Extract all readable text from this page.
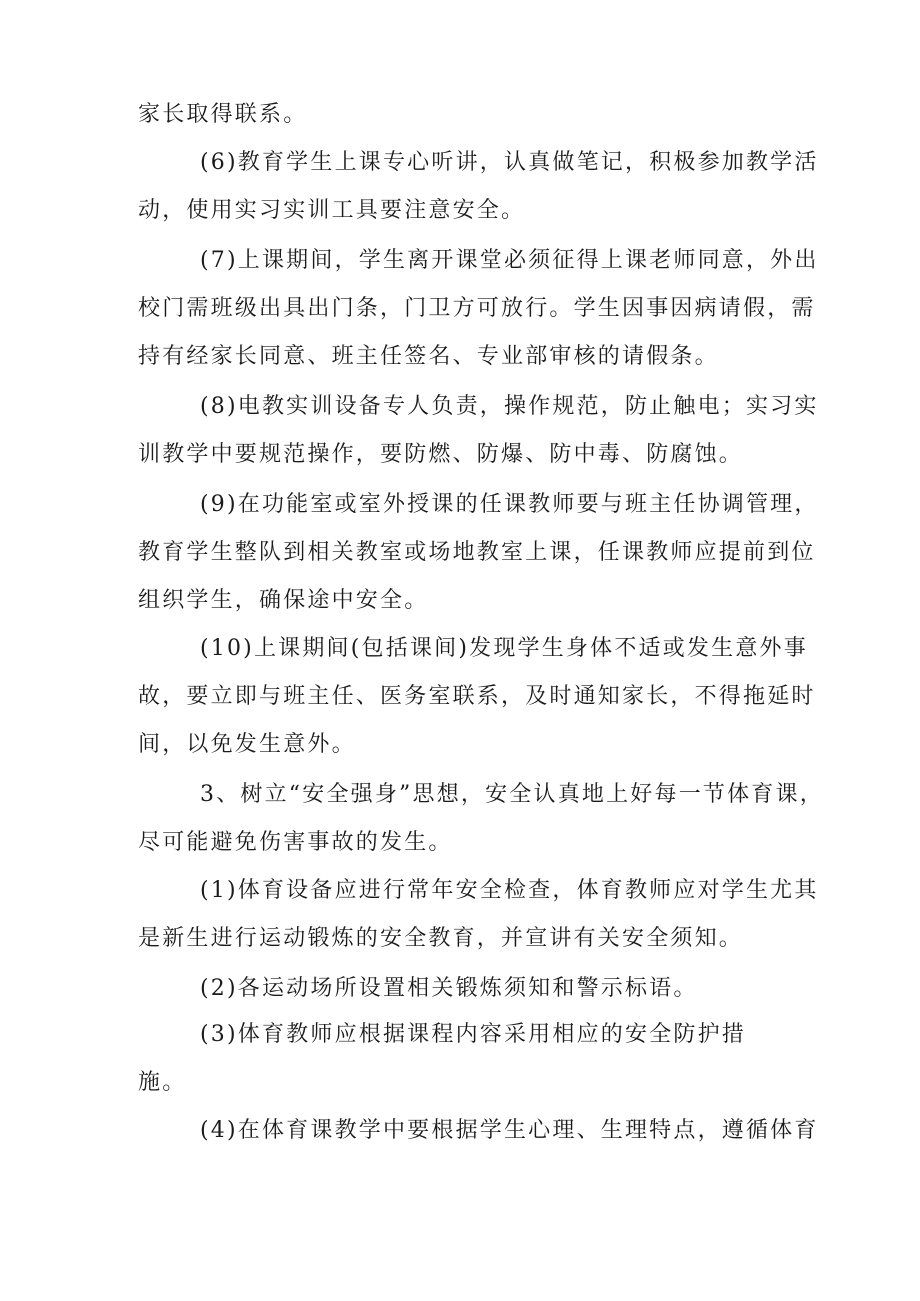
家长取得联系。
(6)教育学生上课专心听讲，认真做笔记，积极参加教学活
动，使用实习实训工具要注意安全。
(7)上课期间，学生离开课堂必须征得上课老师同意，外出
校门需班级出具出门条，门卫方可放行。学生因事因病请假，需
持有经家长同意、班主任签名、专业部审核的请假条。
(8)电教实训设备专人负责，操作规范，防止触电；实习实
训教学中要规范操作，要防燃、防爆、防中毒、防腐蚀。
(9)在功能室或室外授课的任课教师要与班主任协调管理，
教育学生整队到相关教室或场地教室上课，任课教师应提前到位
组织学生，确保途中安全。
(10)上课期间(包括课间)发现学生身体不适或发生意外事
故，要立即与班主任、医务室联系，及时通知家长，不得拖延时
间，以免发生意外。
3、树立“安全强身”思想，安全认真地上好每一节体育课，
尽可能避免伤害事故的发生。
(1)体育设备应进行常年安全检查，体育教师应对学生尤其
是新生进行运动锻炼的安全教育，并宣讲有关安全须知。
(2)各运动场所设置相关锻炼须知和警示标语。
(3)体育教师应根据课程内容采用相应的安全防护措
施。
(4)在体育课教学中要根据学生心理、生理特点，遵循体育
